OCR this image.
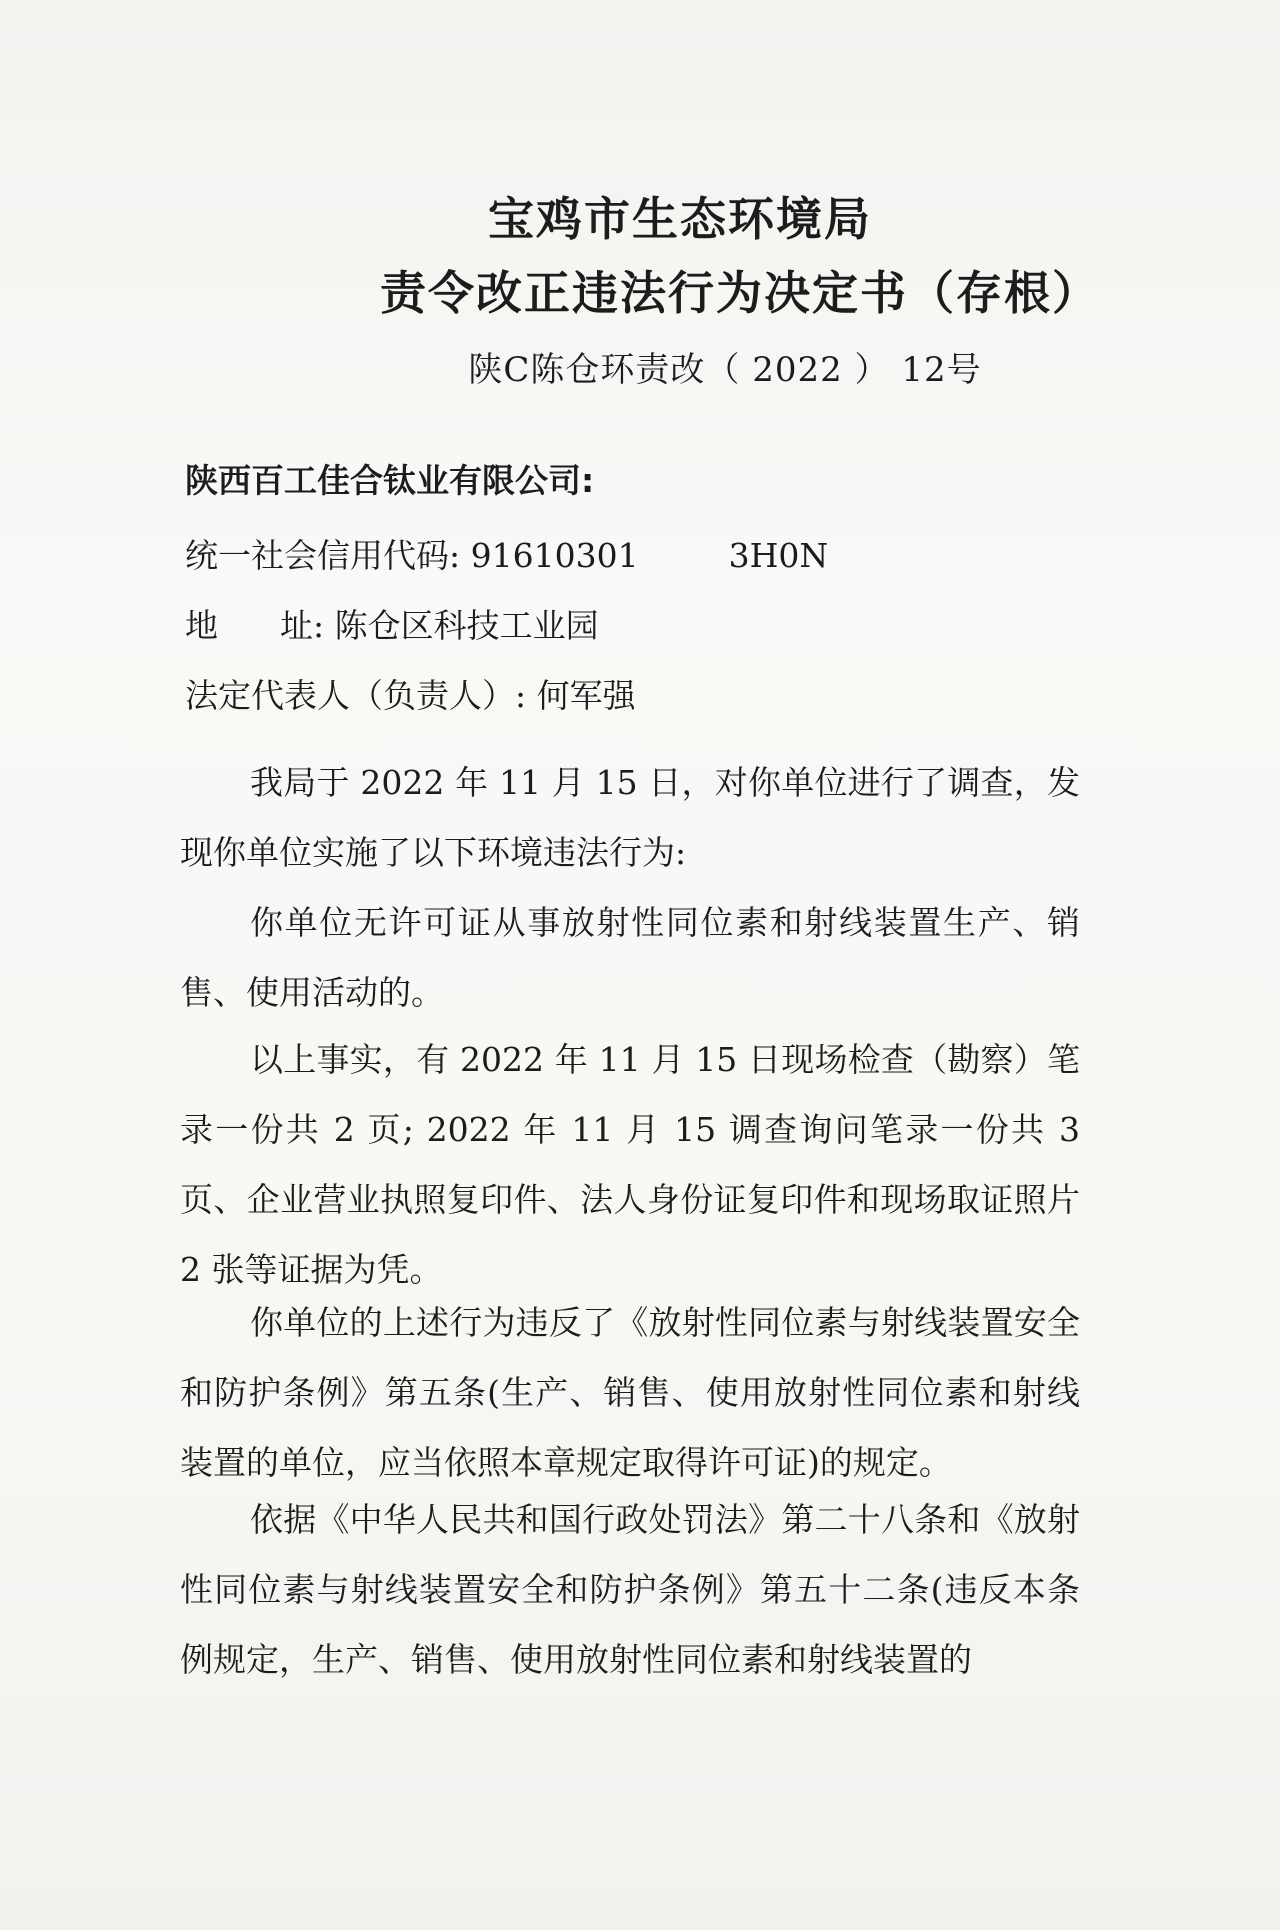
宝鸡市生态环境局
责令改正违法行为决定书（存根）
陕C陈仓环责改（ 2022 ） 12号
陕西百工佳合钛业有限公司:
统一社会信用代码: 91610301	3H0N
地 址: 陈仓区科技工业园
法定代表人（负责人）: 何军强
我局于 2022 年 11 月 15 日，对你单位进行了调查，发现你单位实施了以下环境违法行为:
你单位无许可证从事放射性同位素和射线装置生产、销售、使用活动的。
以上事实，有 2022 年 11 月 15 日现场检查（勘察）笔录一份共 2 页; 2022 年 11 月 15 调查询问笔录一份共 3 页、企业营业执照复印件、法人身份证复印件和现场取证照片 2 张等证据为凭。
你单位的上述行为违反了《放射性同位素与射线装置安全和防护条例》第五条(生产、销售、使用放射性同位素和射线装置的单位，应当依照本章规定取得许可证)的规定。
依据《中华人民共和国行政处罚法》第二十八条和《放射性同位素与射线装置安全和防护条例》第五十二条(违反本条例规定，生产、销售、使用放射性同位素和射线装置的
